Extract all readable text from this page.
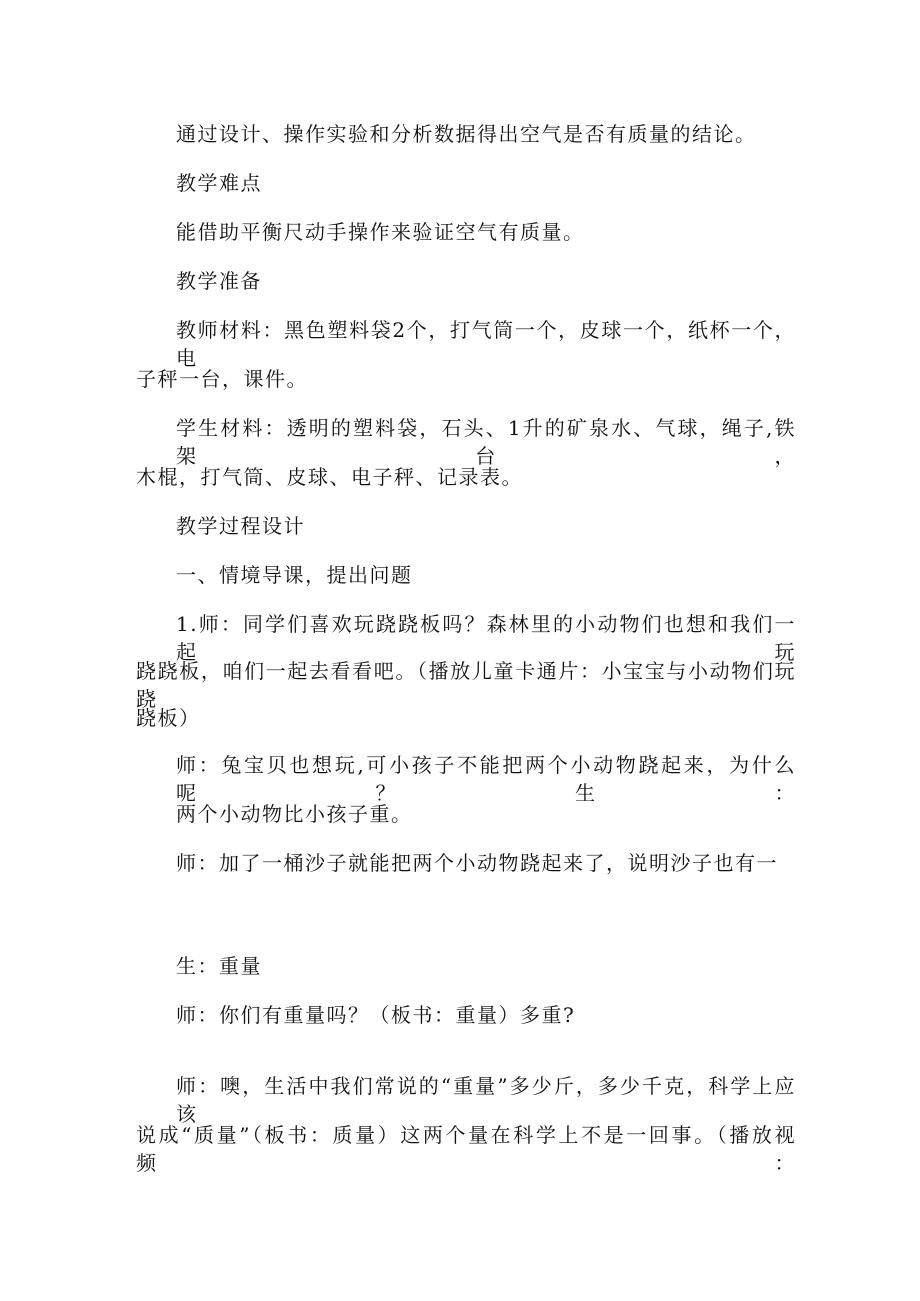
通过设计、操作实验和分析数据得出空气是否有质量的结论。
教学难点
能借助平衡尺动手操作来验证空气有质量。
教学准备
教师材料：黑色塑料袋2个，打气筒一个，皮球一个，纸杯一个，电
子秤一台，课件。
学生材料：透明的塑料袋，石头、1升的矿泉水、气球，绳子,铁架台，
木棍，打气筒、皮球、电子秤、记录表。
教学过程设计
一、情境导课，提出问题
1.师：同学们喜欢玩跷跷板吗？森林里的小动物们也想和我们一起玩
跷跷板，咱们一起去看看吧。（播放儿童卡通片：小宝宝与小动物们玩跷
跷板）
师：兔宝贝也想玩,可小孩子不能把两个小动物跷起来，为什么呢？生：
两个小动物比小孩子重。
师：加了一桶沙子就能把两个小动物跷起来了，说明沙子也有一
生：重量
师：你们有重量吗？（板书：重量）多重?
师：噢，生活中我们常说的“重量”多少斤，多少千克，科学上应该
说成“质量”（板书：质量）这两个量在科学上不是一回事。（播放视频：
